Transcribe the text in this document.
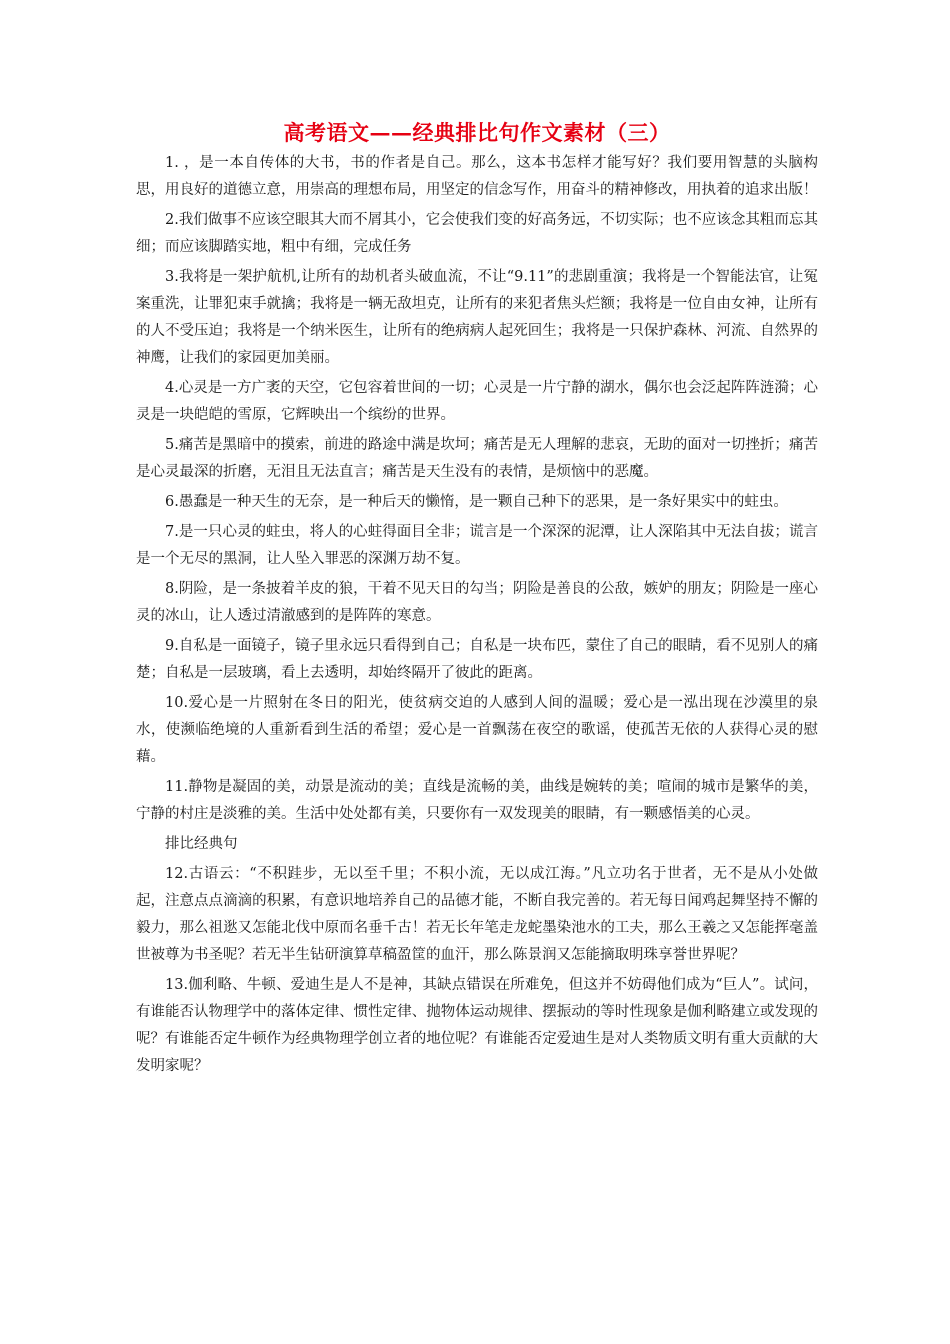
高考语文——经典排比句作文素材（三）

1. ，是一本自传体的大书，书的作者是自己。那么，这本书怎样才能写好？我们要用智慧的头脑构思，用良好的道德立意，用崇高的理想布局，用坚定的信念写作，用奋斗的精神修改，用执着的追求出版！

2.我们做事不应该空眼其大而不屑其小，它会使我们变的好高务远，不切实际；也不应该念其粗而忘其细；而应该脚踏实地，粗中有细，完成任务

3.我将是一架护航机,让所有的劫机者头破血流，不让“9.11”的悲剧重演；我将是一个智能法官，让冤案重洗，让罪犯束手就擒；我将是一辆无敌坦克，让所有的来犯者焦头烂额；我将是一位自由女神，让所有的人不受压迫；我将是一个纳米医生，让所有的绝病病人起死回生；我将是一只保护森林、河流、自然界的神鹰，让我们的家园更加美丽。

4.心灵是一方广袤的天空，它包容着世间的一切；心灵是一片宁静的湖水，偶尔也会泛起阵阵涟漪；心灵是一块皑皑的雪原，它辉映出一个缤纷的世界。

5.痛苦是黑暗中的摸索，前进的路途中满是坎坷；痛苦是无人理解的悲哀，无助的面对一切挫折；痛苦是心灵最深的折磨，无泪且无法直言；痛苦是天生没有的表情，是烦恼中的恶魔。

6.愚蠢是一种天生的无奈，是一种后天的懒惰，是一颗自己种下的恶果，是一条好果实中的蛀虫。

7.是一只心灵的蛀虫，将人的心蛀得面目全非；谎言是一个深深的泥潭，让人深陷其中无法自拔；谎言是一个无尽的黑洞，让人坠入罪恶的深渊万劫不复。

8.阴险，是一条披着羊皮的狼，干着不见天日的勾当；阴险是善良的公敌，嫉妒的朋友；阴险是一座心灵的冰山，让人透过清澈感到的是阵阵的寒意。

9.自私是一面镜子，镜子里永远只看得到自己；自私是一块布匹，蒙住了自己的眼睛，看不见别人的痛楚；自私是一层玻璃，看上去透明，却始终隔开了彼此的距离。

10.爱心是一片照射在冬日的阳光，使贫病交迫的人感到人间的温暖；爱心是一泓出现在沙漠里的泉水，使濒临绝境的人重新看到生活的希望；爱心是一首飘荡在夜空的歌谣，使孤苦无依的人获得心灵的慰藉。

11.静物是凝固的美，动景是流动的美；直线是流畅的美，曲线是婉转的美；喧闹的城市是繁华的美，宁静的村庄是淡雅的美。生活中处处都有美，只要你有一双发现美的眼睛，有一颗感悟美的心灵。

排比经典句

12.古语云：“不积跬步，无以至千里；不积小流，无以成江海。”凡立功名于世者，无不是从小处做起，注意点点滴滴的积累，有意识地培养自己的品德才能，不断自我完善的。若无每日闻鸡起舞坚持不懈的毅力，那么祖逖又怎能北伐中原而名垂千古！若无长年笔走龙蛇墨染池水的工夫，那么王羲之又怎能挥毫盖世被尊为书圣呢？若无半生钻研演算草稿盈筐的血汗，那么陈景润又怎能摘取明珠享誉世界呢？

13.伽利略、牛顿、爱迪生是人不是神，其缺点错误在所难免，但这并不妨碍他们成为“巨人”。试问，有谁能否认物理学中的落体定律、惯性定律、抛物体运动规律、摆振动的等时性现象是伽利略建立或发现的呢？有谁能否定牛顿作为经典物理学创立者的地位呢？有谁能否定爱迪生是对人类物质文明有重大贡献的大发明家呢？
